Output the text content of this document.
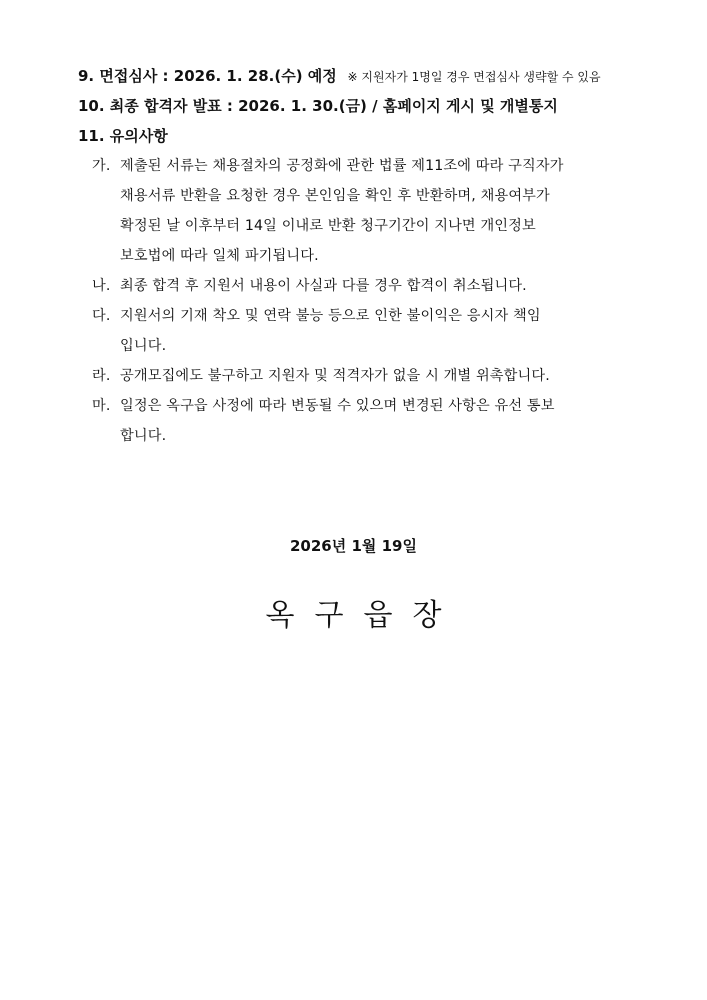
9. 면접심사 : 2026. 1. 28.(수) 예정 ※ 지원자가 1명일 경우 면접심사 생략할 수 있음
10. 최종 합격자 발표 : 2026. 1. 30.(금) / 홈페이지 게시 및 개별통지
11. 유의사항
가. 제출된 서류는 채용절차의 공정화에 관한 법률 제11조에 따라 구직자가
채용서류 반환을 요청한 경우 본인임을 확인 후 반환하며, 채용여부가
확정된 날 이후부터 14일 이내로 반환 청구기간이 지나면 개인정보
보호법에 따라 일체 파기됩니다.
나. 최종 합격 후 지원서 내용이 사실과 다를 경우 합격이 취소됩니다.
다. 지원서의 기재 착오 및 연락 불능 등으로 인한 불이익은 응시자 책임
입니다.
라. 공개모집에도 불구하고 지원자 및 적격자가 없을 시 개별 위촉합니다.
마. 일정은 옥구읍 사정에 따라 변동될 수 있으며 변경된 사항은 유선 통보
합니다.
2026년 1월 19일
옥구읍장
